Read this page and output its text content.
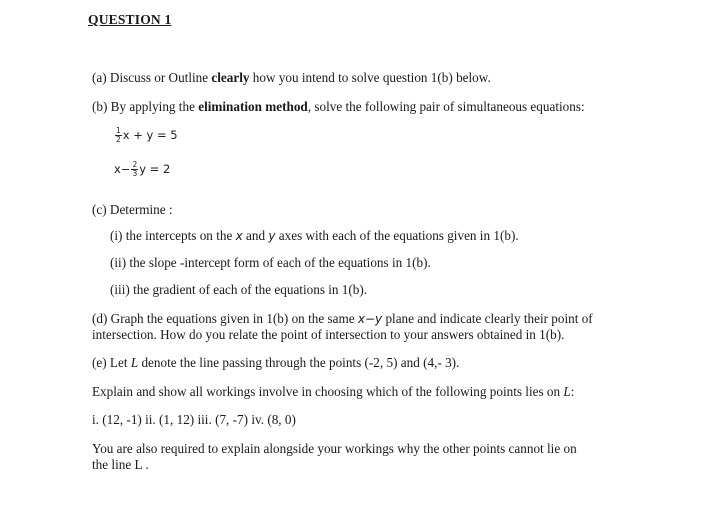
QUESTION 1
(a) Discuss or Outline clearly how you intend to solve question 1(b) below.
(b) By applying the elimination method, solve the following pair of simultaneous equations:
$\frac{1}{2}$ x + y = 5
$x- \frac{2}{3}$ y = 2
(c) Determine :
(i) the intercepts on the x and y axes with each of the equations given in 1(b).
(ii) the slope -intercept form of each of the equations in 1(b).
(iii) the gradient of each of the equations in 1(b).
(d) Graph the equations given in 1(b) on the same x−y plane and indicate clearly their point of
intersection. How do you relate the point of intersection to your answers obtained in 1(b).
(e) Let L denote the line passing through the points (-2, 5) and (4,- 3).
Explain and show all workings involve in choosing which of the following points lies on L:
i. (12, -1) ii. (1, 12) iii. (7, -7) iv. (8, 0)
You are also required to explain alongside your workings why the other points cannot lie on
the line L .
